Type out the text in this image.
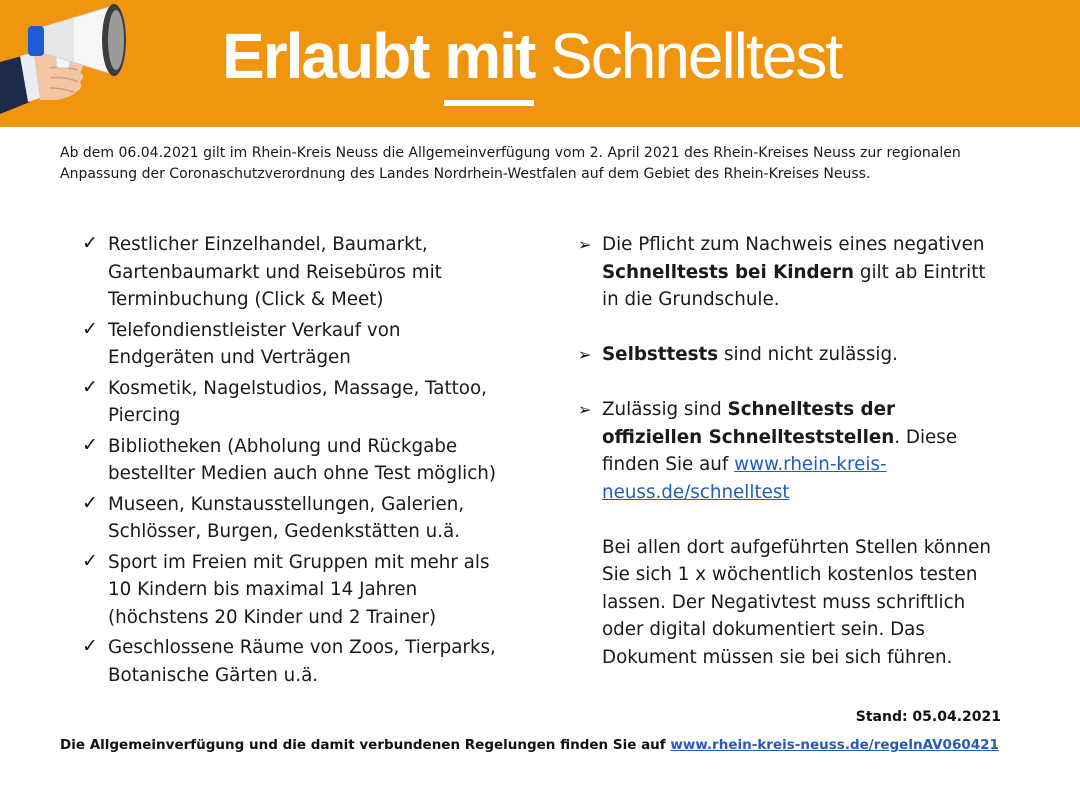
Erlaubt mit Schnelltest
Ab dem 06.04.2021 gilt im Rhein-Kreis Neuss die Allgemeinverfügung vom 2. April 2021 des Rhein-Kreises Neuss zur regionalen
Anpassung der Coronaschutzverordnung des Landes Nordrhein-Westfalen auf dem Gebiet des Rhein-Kreises Neuss.
✓ Restlicher Einzelhandel, Baumarkt,
Gartenbaumarkt und Reisebüros mit
Terminbuchung (Click & Meet)
✓ Telefondienstleister Verkauf von
Endgeräten und Verträgen
✓ Kosmetik, Nagelstudios, Massage, Tattoo,
Piercing
✓ Bibliotheken (Abholung und Rückgabe
bestellter Medien auch ohne Test möglich)
✓ Museen, Kunstausstellungen, Galerien,
Schlösser, Burgen, Gedenkstätten u.ä.
✓ Sport im Freien mit Gruppen mit mehr als
10 Kindern bis maximal 14 Jahren
(höchstens 20 Kinder und 2 Trainer)
✓ Geschlossene Räume von Zoos, Tierparks,
Botanische Gärten u.ä.
➢ Die Pflicht zum Nachweis eines negativen
Schnelltests bei Kindern gilt ab Eintritt
in die Grundschule.
➢ Selbsttests sind nicht zulässig.
➢ Zulässig sind Schnelltests der
offiziellen Schnellteststellen. Diese
finden Sie auf www.rhein-kreis-
neuss.de/schnelltest
Bei allen dort aufgeführten Stellen können
Sie sich 1 x wöchentlich kostenlos testen
lassen. Der Negativtest muss schriftlich
oder digital dokumentiert sein. Das
Dokument müssen sie bei sich führen.
Stand: 05.04.2021
Die Allgemeinverfügung und die damit verbundenen Regelungen finden Sie auf www.rhein-kreis-neuss.de/regelnAV060421
